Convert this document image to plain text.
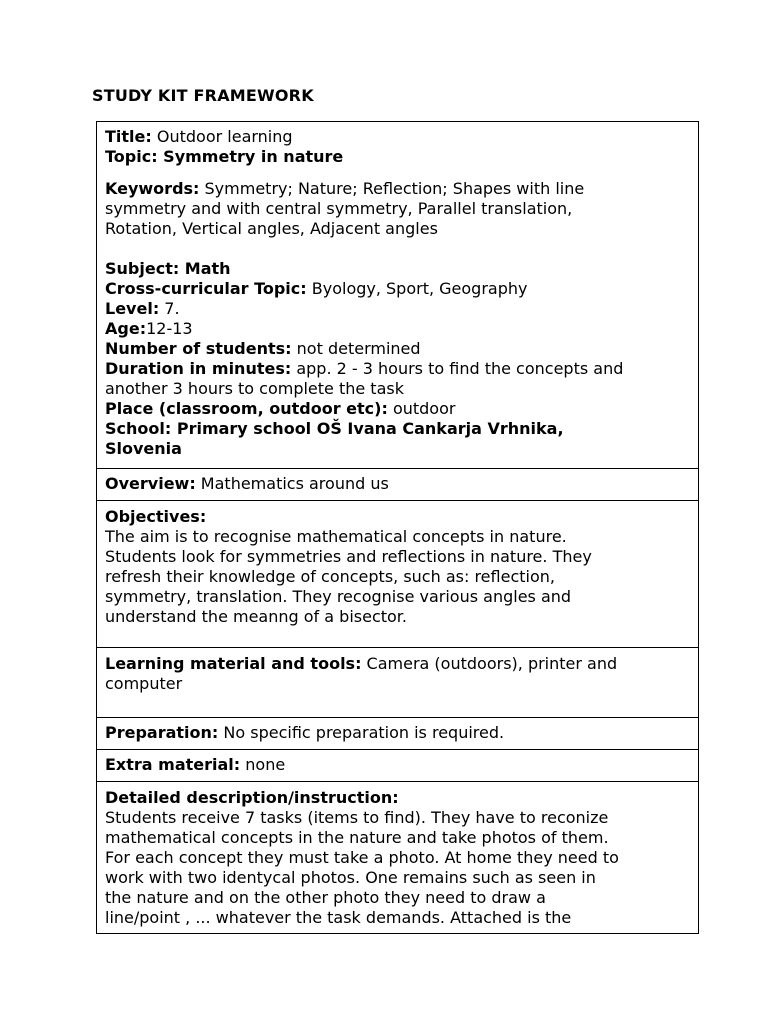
STUDY KIT FRAMEWORK
Title: Outdoor learning
Topic: Symmetry in nature
Keywords: Symmetry; Nature; Reflection; Shapes with line
symmetry and with central symmetry, Parallel translation,
Rotation, Vertical angles, Adjacent angles
Subject: Math
Cross-curricular Topic: Byology, Sport, Geography
Level: 7.
Age:12-13
Number of students: not determined
Duration in minutes: app. 2 - 3 hours to find the concepts and
another 3 hours to complete the task
Place (classroom, outdoor etc): outdoor
School: Primary school OŠ Ivana Cankarja Vrhnika,
Slovenia
Overview: Mathematics around us
Objectives:
The aim is to recognise mathematical concepts in nature.
Students look for symmetries and reflections in nature. They
refresh their knowledge of concepts, such as: reflection,
symmetry, translation. They recognise various angles and
understand the meanng of a bisector.
Learning material and tools: Camera (outdoors), printer and
computer
Preparation: No specific preparation is required.
Extra material: none
Detailed description/instruction:
Students receive 7 tasks (items to find). They have to reconize
mathematical concepts in the nature and take photos of them.
For each concept they must take a photo. At home they need to
work with two identycal photos. One remains such as seen in
the nature and on the other photo they need to draw a
line/point , ... whatever the task demands. Attached is the
